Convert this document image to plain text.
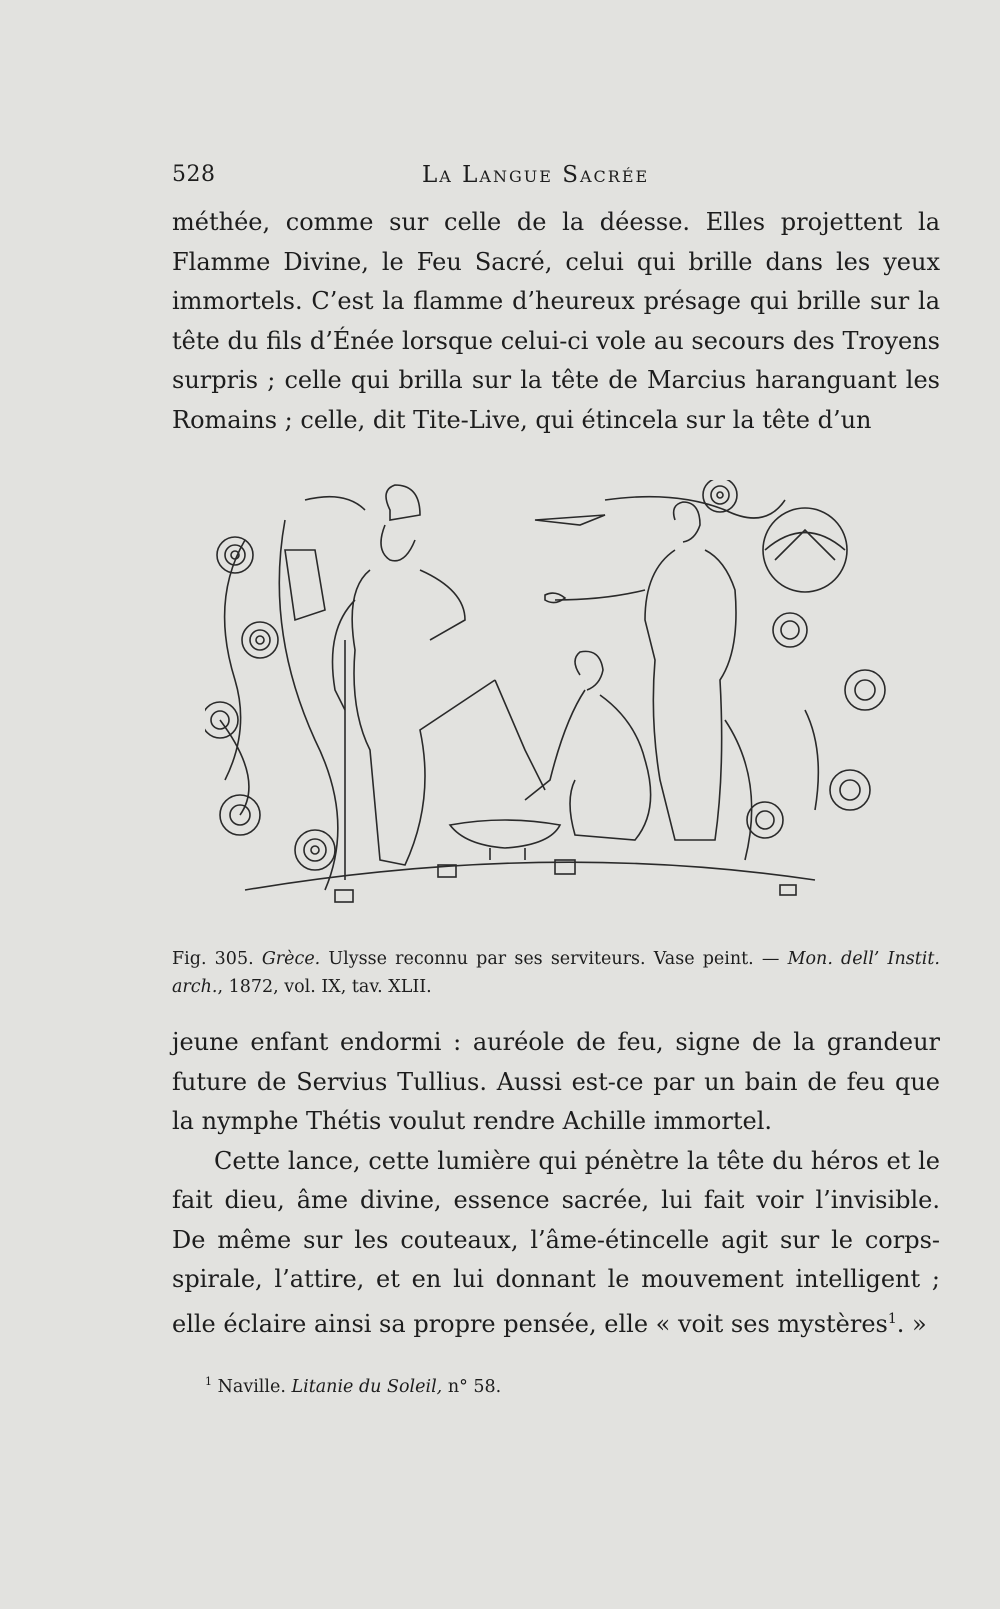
528	La Langue Sacrée

méthée, comme sur celle de la déesse. Elles projettent la Flamme Divine, le Feu Sacré, celui qui brille dans les yeux immortels. C’est la flamme d’heureux présage qui brille sur la tête du fils d’Énée lorsque celui-ci vole au secours des Troyens surpris ; celle qui brilla sur la tête de Marcius haranguant les Romains ; celle, dit Tite-Live, qui étincela sur la tête d’un

Fig. 305. Grèce. Ulysse reconnu par ses serviteurs. Vase peint. — Mon. dell’ Instit. arch., 1872, vol. IX, tav. XLII.

jeune enfant endormi : auréole de feu, signe de la grandeur future de Servius Tullius. Aussi est-ce par un bain de feu que la nymphe Thétis voulut rendre Achille immortel.

Cette lance, cette lumière qui pénètre la tête du héros et le fait dieu, âme divine, essence sacrée, lui fait voir l’invisible. De même sur les couteaux, l’âme-étincelle agit sur le corps-spirale, l’attire, et en lui donnant le mouvement intelligent ; elle éclaire ainsi sa propre pensée, elle « voit ses mystères$^1$. »

$^1$ Naville. Litanie du Soleil, n° 58.
